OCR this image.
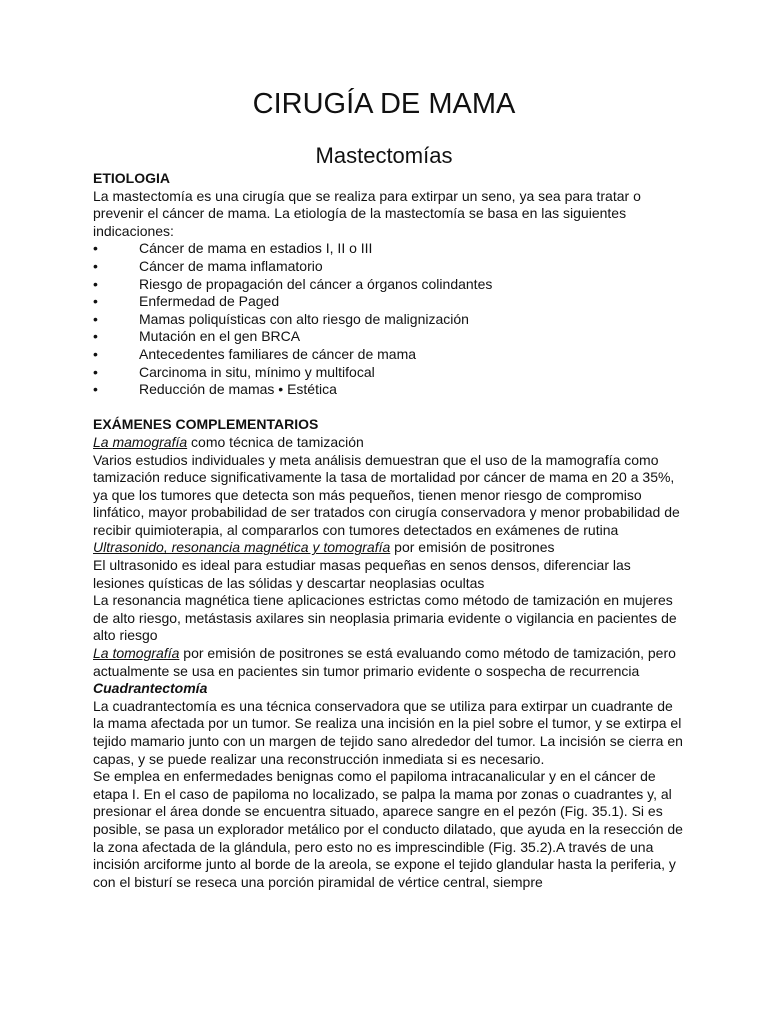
CIRUGÍA DE MAMA
Mastectomías

ETIOLOGIA

La mastectomía es una cirugía que se realiza para extirpar un seno, ya sea para tratar o prevenir el cáncer de mama. La etiología de la mastectomía se basa en las siguientes indicaciones:

•	Cáncer de mama en estadios I, II o III
•	Cáncer de mama inflamatorio
•	Riesgo de propagación del cáncer a órganos colindantes
•	Enfermedad de Paged
•	Mamas poliquísticas con alto riesgo de malignización
•	Mutación en el gen BRCA
•	Antecedentes familiares de cáncer de mama
•	Carcinoma in situ, mínimo y multifocal
•	Reducción de mamas • Estética

EXÁMENES COMPLEMENTARIOS

La mamografía como técnica de tamización

Varios estudios individuales y meta análisis demuestran que el uso de la mamografía como tamización reduce significativamente la tasa de mortalidad por cáncer de mama en 20 a 35%, ya que los tumores que detecta son más pequeños, tienen menor riesgo de compromiso linfático, mayor probabilidad de ser tratados con cirugía conservadora y menor probabilidad de recibir quimioterapia, al compararlos con tumores detectados en exámenes de rutina

Ultrasonido, resonancia magnética y tomografía por emisión de positrones

El ultrasonido es ideal para estudiar masas pequeñas en senos densos, diferenciar las lesiones quísticas de las sólidas y descartar neoplasias ocultas

La resonancia magnética tiene aplicaciones estrictas como método de tamización en mujeres de alto riesgo, metástasis axilares sin neoplasia primaria evidente o vigilancia en pacientes de alto riesgo

La tomografía por emisión de positrones se está evaluando como método de tamización, pero actualmente se usa en pacientes sin tumor primario evidente o sospecha de recurrencia

Cuadrantectomía

La cuadrantectomía es una técnica conservadora que se utiliza para extirpar un cuadrante de la mama afectada por un tumor. Se realiza una incisión en la piel sobre el tumor, y se extirpa el tejido mamario junto con un margen de tejido sano alrededor del tumor. La incisión se cierra en capas, y se puede realizar una reconstrucción inmediata si es necesario.

Se emplea en enfermedades benignas como el papiloma intracanalicular y en el cáncer de etapa I. En el caso de papiloma no localizado, se palpa la mama por zonas o cuadrantes y, al presionar el área donde se encuentra situado, aparece sangre en el pezón (Fig. 35.1). Si es posible, se pasa un explorador metálico por el conducto dilatado, que ayuda en la resección de la zona afectada de la glándula, pero esto no es imprescindible (Fig. 35.2).A través de una incisión arciforme junto al borde de la areola, se expone el tejido glandular hasta la periferia, y con el bisturí se reseca una porción piramidal de vértice central, siempre
